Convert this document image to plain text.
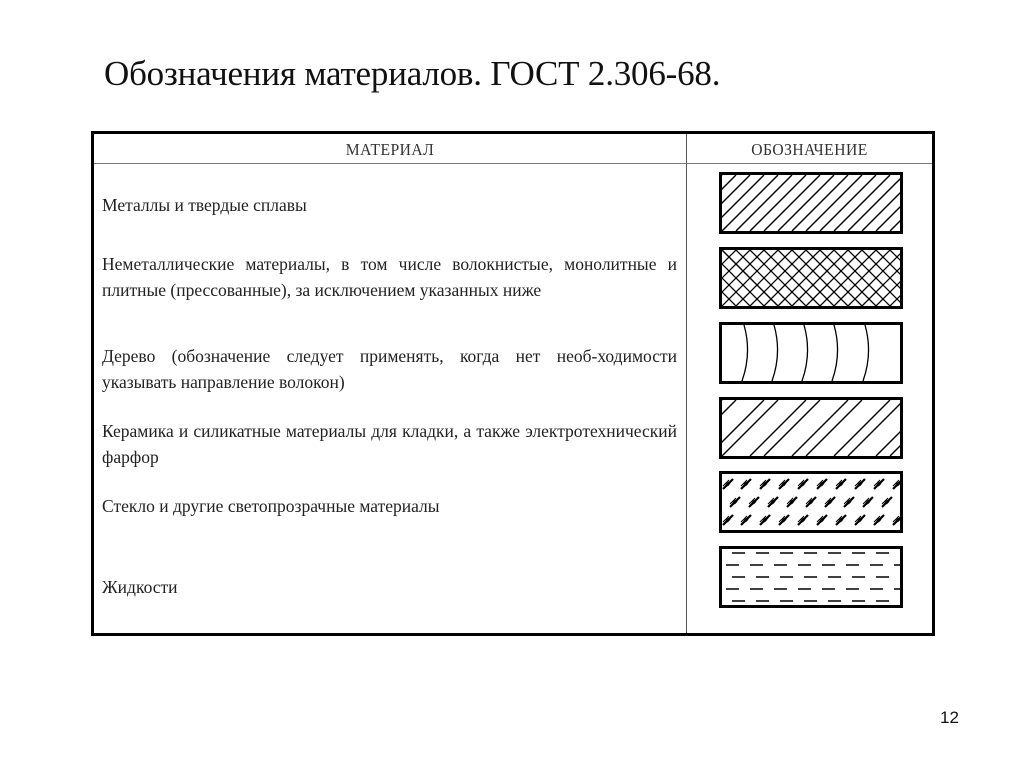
Обозначения материалов. ГОСТ 2.306-68.
МАТЕРИАЛ	ОБОЗНАЧЕНИЕ
Металлы и твердые сплавы
Неметаллические материалы, в том числе волокнистые, монолитные и плитные (прессованные), за исключением указанных ниже
Дерево (обозначение следует применять, когда нет необ-ходимости указывать направление волокон)
Керамика и силикатные материалы для кладки, а также электротехнический фарфор
Стекло и другие светопрозрачные материалы
Жидкости
12
